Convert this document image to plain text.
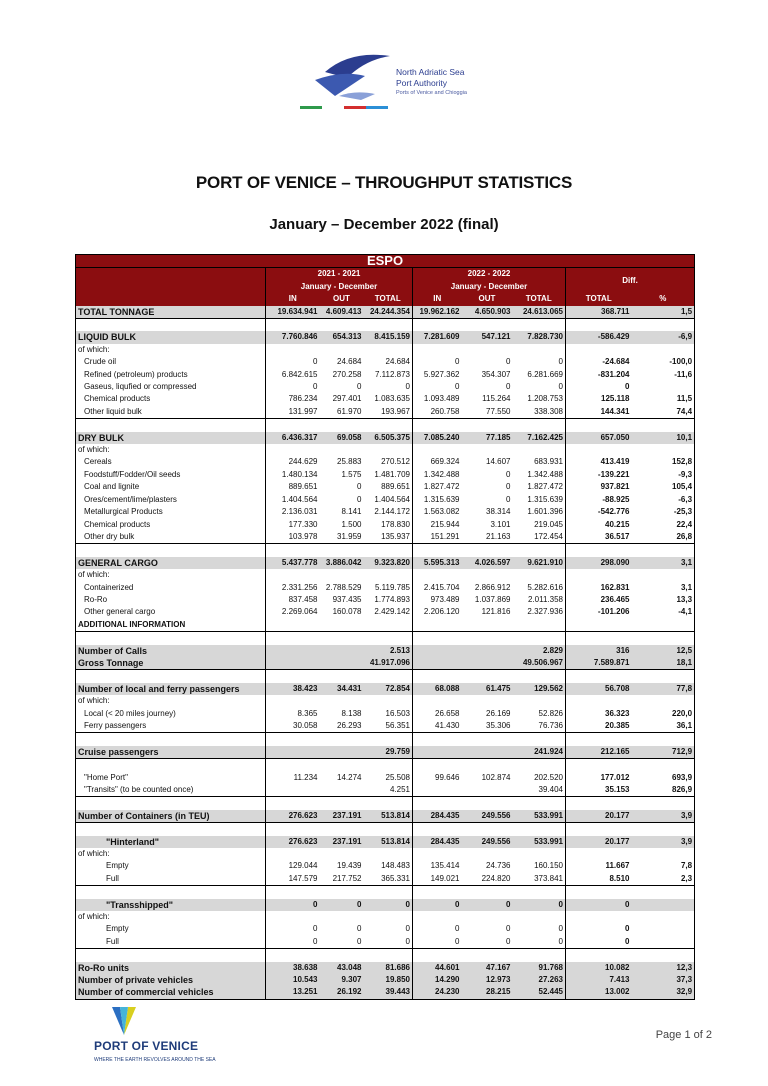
North Adriatic Sea
Port Authority
Ports of Venice and Chioggia
PORT OF VENICE – THROUGHPUT STATISTICS
January – December 2022 (final)
ESPO								
	2021 - 2021			2022 - 2022			Diff.	
	January - December			January - December				
	IN	OUT	TOTAL	IN	OUT	TOTAL	TOTAL	%
TOTAL TONNAGE	19.634.941	4.609.413	24.244.354	19.962.162	4.650.903	24.613.065	368.711	1,5

LIQUID BULK	7.760.846	654.313	8.415.159	7.281.609	547.121	7.828.730	-586.429	-6,9
of which:								
Crude oil	0	24.684	24.684	0	0	0	-24.684	-100,0
Refined (petroleum) products	6.842.615	270.258	7.112.873	5.927.362	354.307	6.281.669	-831.204	-11,6
Gaseus, liqufied or compressed	0	0	0	0	0	0	0	
Chemical products	786.234	297.401	1.083.635	1.093.489	115.264	1.208.753	125.118	11,5
Other liquid bulk	131.997	61.970	193.967	260.758	77.550	338.308	144.341	74,4

DRY BULK	6.436.317	69.058	6.505.375	7.085.240	77.185	7.162.425	657.050	10,1
of which:								
Cereals	244.629	25.883	270.512	669.324	14.607	683.931	413.419	152,8
Foodstuff/Fodder/Oil seeds	1.480.134	1.575	1.481.709	1.342.488	0	1.342.488	-139.221	-9,3
Coal and lignite	889.651	0	889.651	1.827.472	0	1.827.472	937.821	105,4
Ores/cement/lime/plasters	1.404.564	0	1.404.564	1.315.639	0	1.315.639	-88.925	-6,3
Metallurgical Products	2.136.031	8.141	2.144.172	1.563.082	38.314	1.601.396	-542.776	-25,3
Chemical products	177.330	1.500	178.830	215.944	3.101	219.045	40.215	22,4
Other dry bulk	103.978	31.959	135.937	151.291	21.163	172.454	36.517	26,8

GENERAL CARGO	5.437.778	3.886.042	9.323.820	5.595.313	4.026.597	9.621.910	298.090	3,1
of which:								
Containerized	2.331.256	2.788.529	5.119.785	2.415.704	2.866.912	5.282.616	162.831	3,1
Ro-Ro	837.458	937.435	1.774.893	973.489	1.037.869	2.011.358	236.465	13,3
Other general cargo	2.269.064	160.078	2.429.142	2.206.120	121.816	2.327.936	-101.206	-4,1
ADDITIONAL INFORMATION								

Number of Calls			2.513			2.829	316	12,5
Gross Tonnage			41.917.096			49.506.967	7.589.871	18,1

Number of local and ferry passengers	38.423	34.431	72.854	68.088	61.475	129.562	56.708	77,8
of which:								
Local (< 20 miles journey)	8.365	8.138	16.503	26.658	26.169	52.826	36.323	220,0
Ferry passengers	30.058	26.293	56.351	41.430	35.306	76.736	20.385	36,1

Cruise passengers			29.759			241.924	212.165	712,9

"Home Port"	11.234	14.274	25.508	99.646	102.874	202.520	177.012	693,9
"Transits" (to be counted once)			4.251			39.404	35.153	826,9

Number of Containers (in TEU)	276.623	237.191	513.814	284.435	249.556	533.991	20.177	3,9

"Hinterland"	276.623	237.191	513.814	284.435	249.556	533.991	20.177	3,9
of which:								
Empty	129.044	19.439	148.483	135.414	24.736	160.150	11.667	7,8
Full	147.579	217.752	365.331	149.021	224.820	373.841	8.510	2,3

"Transshipped"	0	0	0	0	0	0	0	
of which:								
Empty	0	0	0	0	0	0	0	
Full	0	0	0	0	0	0	0	

Ro-Ro units	38.638	43.048	81.686	44.601	47.167	91.768	10.082	12,3
Number of private vehicles	10.543	9.307	19.850	14.290	12.973	27.263	7.413	37,3
Number of commercial vehicles	13.251	26.192	39.443	24.230	28.215	52.445	13.002	32,9
PORT OF VENICE
WHERE THE EARTH REVOLVES AROUND THE SEA
Page 1 of 2
